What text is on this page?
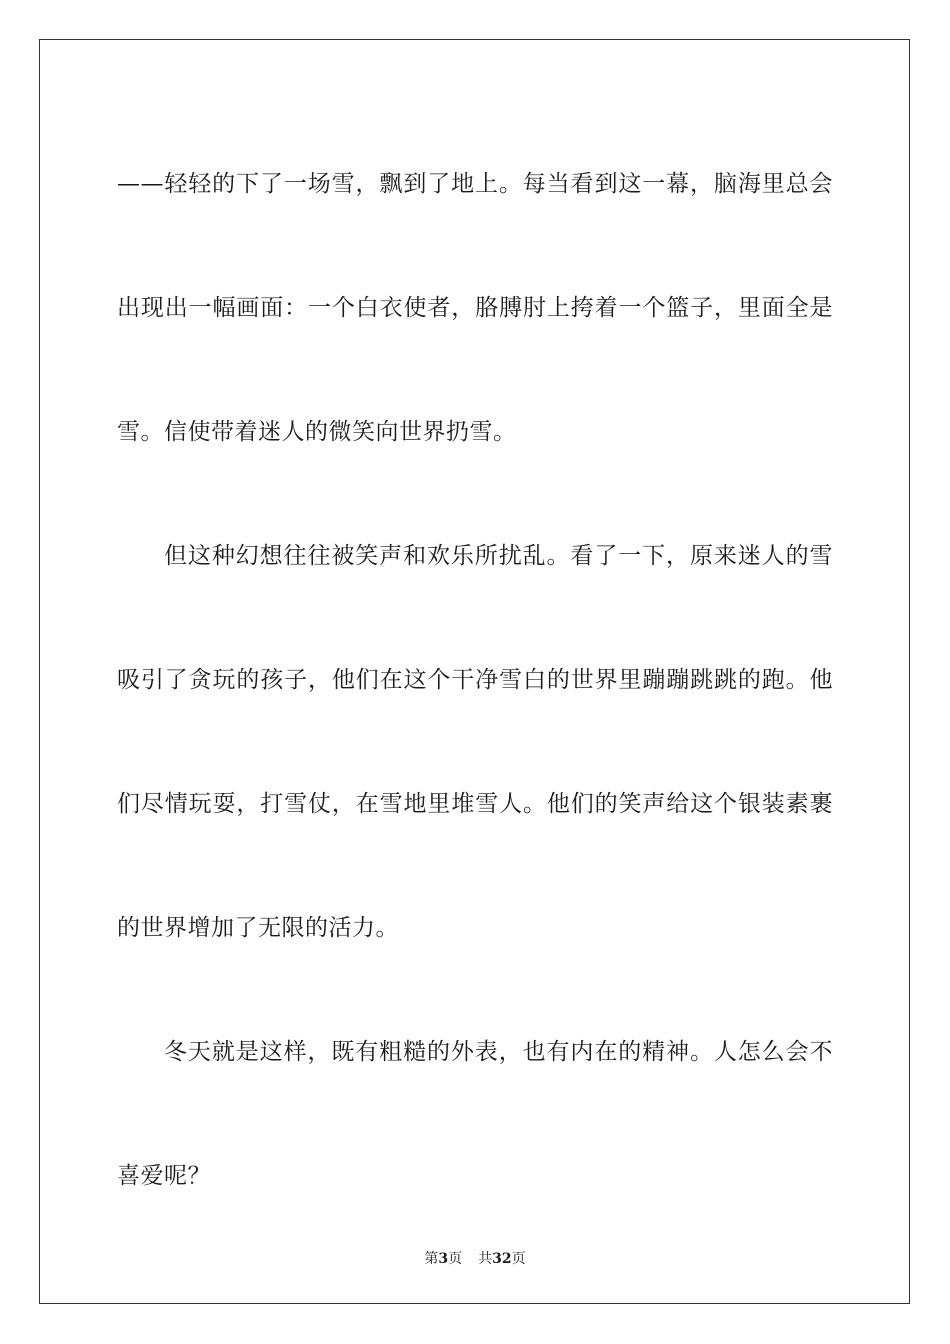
——轻轻的下了一场雪，飘到了地上。每当看到这一幕，脑海里总会出现出一幅画面：一个白衣使者，胳膊肘上挎着一个篮子，里面全是雪。信使带着迷人的微笑向世界扔雪。

但这种幻想往往被笑声和欢乐所扰乱。看了一下，原来迷人的雪吸引了贪玩的孩子，他们在这个干净雪白的世界里蹦蹦跳跳的跑。他们尽情玩耍，打雪仗，在雪地里堆雪人。他们的笑声给这个银装素裹的世界增加了无限的活力。

冬天就是这样，既有粗糙的外表，也有内在的精神。人怎么会不喜爱呢？

第3页 共32页
